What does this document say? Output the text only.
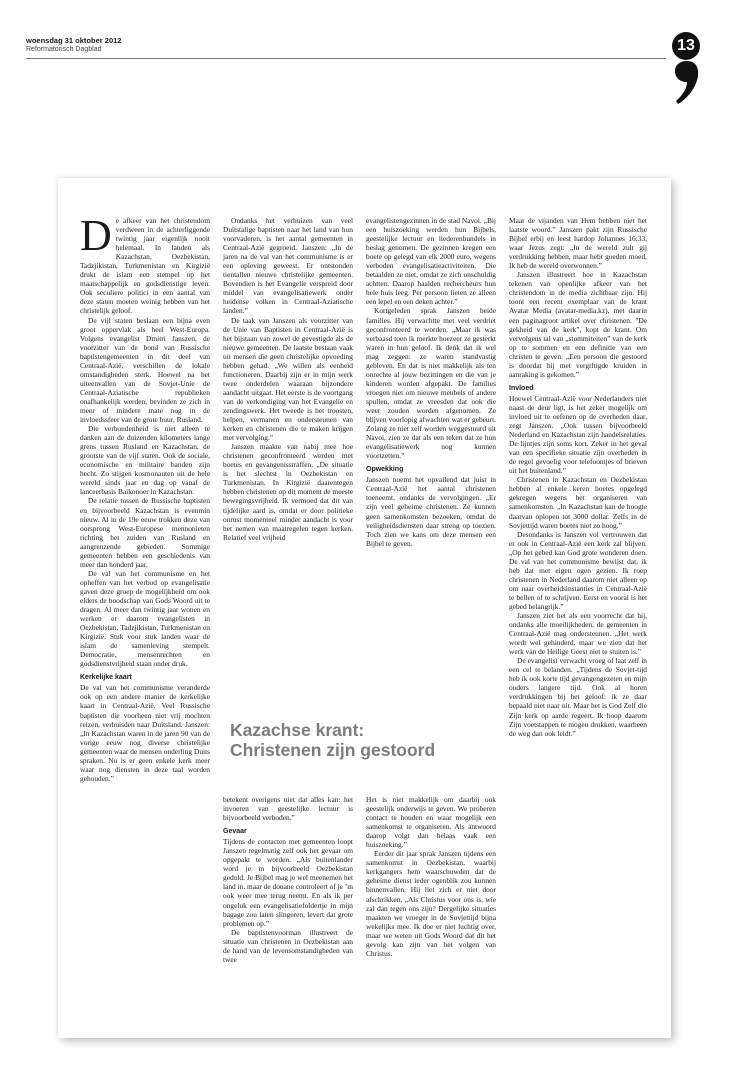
woensdag 31 oktober 2012
Reformatorisch Dagblad	13

De afkeer van het christendom verdween in de achterliggende twintig jaar eigenlijk nooit helemaal. In landen als Kazachstan, Oezbekistan, Tadzjikistan, Turkmenistan en Kirgizië drukt de islam een stempel op het maatschappelijk en godsdienstige leven. Ook seculiere politici in een aantal van deze staten moeten weinig hebben van het christelijk geloof.

De vijf staten beslaan een bijna even groot oppervlak als heel West-Europa. Volgens evangelist Dmitri Janszen, de voorzitter van de bond van Russische baptistengemeenten in dit deel van Centraal-Azië, verschillen de lokale omstandigheden sterk. Hoewel na het uiteenvallen van de Sovjet-Unie de Centraal-Aziatische republieken onafhankelijk werden, bevinden ze zich in meer of mindere mate nog in de invloedssfeer van de grote buur, Rusland.

Die verbondenheid is niet alleen te danken aan de duizenden kilometers lange grens tussen Rusland en Kazachstan, de grootste van de vijf staten. Ook de sociale, economische en militaire banden zijn hecht. Zo stijgen kosmonauten uit de hele wereld sinds jaar en dag op vanaf de lanceerbasis Baikonoer in Kazachstan.

De relatie tussen de Russische baptisten en bijvoorbeeld Kazachstan is evenmin nieuw. Al in de 19e eeuw trokken deze van oorsprong West-Europese mennonieten richting het zuiden van Rusland en aangrenzende gebieden. Sommige gemeenten hebben een geschiedenis van meer dan honderd jaar.

De val van het communisme en het opheffen van het verbod op evangelisatie gaven deze groep de mogelijkheid om ook elders de boodschap van Gods Woord uit te dragen. Al meer dan twintig jaar wonen en werken er daarom evangelisten in Oezbekistan, Tadzjikistan, Turkmenistan en Kirgizië. Stuk voor stuk landen waar de islam de samenleving stempelt. Democratie, mensenrechten en godsdienstvrijheid staan onder druk.

Kerkelijke kaart

De val van het communisme veranderde ook op een andere manier de kerkelijke kaart in Centraal-Azië. Veel Russische baptisten die voorheen niet vrij mochten reizen, verhuisden naar Duitsland. Janszen: „In Kazachstan waren in de jaren 90 van de vorige eeuw nog diverse christelijke gemeenten waar de mensen onderling Duits spraken. Nu is er geen enkele kerk meer waar nog diensten in deze taal worden gehouden.”

Ondanks het verhuizen van veel Duitstalige baptisten naar het land van hun voorvaderen, is het aantal gemeenten in Centraal-Azië gegroeid. Janszen: „In de jaren na de val van het communisme is er een opleving geweest. Er ontstonden tientallen nieuwe christelijke gemeenten. Bovendien is het Evangelie verspreid door middel van evangelisatiewerk onder heidense volken in Centraal-Aziatische landen.”

De taak van Janszen als voorzitter van de Unie van Baptisten in Centraal-Azië is het bijstaan van zowel de gevestigde als de nieuwe gemeenten. De laatste bestaan vaak uit mensen die geen christelijke opvoeding hebben gehad. „We willen als eenheid functioneren. Daarbij zijn er in mijn werk twee onderdelen waaraan bijzondere aandacht uitgaat. Het eerste is de voortgang van de verkondiging van het Evangelie en zendingswerk. Het tweede is het troosten, helpen, vermanen en ondersteunen van kerken en christenen die te maken krijgen met vervolging.”

Janszen maakte van nabij mee hoe christenen geconfronteerd werden met boetes en gevangenisstraffen. „De situatie is het slechtst in Oezbekistan en Turkmenistan. In Kirgizië daarentegen hebben christenen op dit moment de meeste bewegingsvrijheid. Ik vermoed dat dit van tijdelijke aard is, omdat er door politieke onrust momenteel minder aandacht is voor het nemen van maatregelen tegen kerken. Relatief veel vrijheid

evangelistengezinnen in de stad Navoi. „Bij een huiszoeking werden hun Bijbels, geestelijke lectuur en liederenbundels in beslag genomen. De gezinnen kregen een boete op gelegd van elk 2000 euro, wegens verboden evangelisatieactiviteiten. Die betaalden ze niet, omdat ze zich onschuldig achtten. Daarop haalden rechercheurs hun hele huis leeg. Per persoon lieten ze alleen een lepel en een deken achter.”

Kortgeleden sprak Janszen beide families. Hij verwachtte met veel verdriet geconfronteerd te worden. „Maar ik was verbaasd toen ik merkte hoezeer ze gesterkt waren in hun geloof. Ik denk dat ik wel mag zeggen: ze waren standvastig gebleven. En dat is niet makkelijk als ten onrechte al jouw bezittingen en die van je kinderen worden afgepakt. De families vroegen niet om nieuwe meubels of andere spullen, omdat ze vreesden dat ook die weer zouden worden afgenomen. Ze blijven voorlopig afwachten wat er gebeurt. Zolang ze niet zelf worden weggestuurd uit Navoi, zien ze dat als een teken dat ze hun evangelisatiewerk nog kunnen voortzetten.”

Opwekking

Janszen noemt het opvallend dat juist in Centraal-Azië het aantal christenen toeneemt, ondanks de vervolgingen. „Er zijn veel geheime christenen. Ze kunnen geen samenkomsten bezoeken, omdat de veiligheidsdiensten daar streng op toezien. Toch zien we kans om deze mensen een Bijbel te geven.

Kazachse krant:
Christenen zijn gestoord

betekent overigens niet dat alles kan: het invoeren van geestelijke lectuur is bijvoorbeeld verboden.”

Gevaar

Tijdens de contacten met gemeenten loopt Janszen regelmatig zelf ook het gevaar om opgepakt te worden. „Als buitenlander word je in bijvoorbeeld Oezbekistan geduld. Je Bijbel mag je wel meenemen het land in, maar de douane controleert of je ’m ook weer mee terug neemt. En als ik per ongeluk een evangelisatiefoldertje in mijn bagage zou laten slingeren, levert dat grote problemen op.”

De baptistenvoorman illustreert de situatie van christenen in Oezbekistan aan de hand van de levensomstandigheden van twee

Het is niet makkelijk om daarbij ook geestelijk onderwijs te geven. We proberen contact te houden en waar mogelijk een samenkomst te organiseren. Als antwoord daarop volgt dan helaas vaak een huiszoeking.”

Eerder dit jaar sprak Janszen tijdens een samenkomst in Oezbekistan, waarbij kerkgangers hem waarschuwden dat de geheime dienst ieder ogenblik zou kunnen binnenvallen. Hij liet zich er niet door afschrikken. „Als Christus voor ons is, wie zal dan tegen ons zijn? Dergelijke situaties maakten we vroeger in de Sovjettijd bijna wekelijks mee. Ik doe er niet luchtig over, maar we weten uit Gods Woord dat dit het gevolg kan zijn van het volgen van Christus.

Maar de vijanden van Hem hebben niet het laatste woord.” Janszen pakt zijn Russische Bijbel erbij en leest hardop Johannes 16:33, waar Jezus zegt: „In de wereld zult gij verdrukking hebben, maar hebt goeden moed, Ik heb de wereld overwonnen.”

Janszen illustreert hoe in Kazachstan tekenen van openlijke afkeer van het christendom in de media zichtbaar zijn. Hij toont een recent exemplaar van de krant Avatar Media (avatar-media.kz), met daarin een paginagroot artikel over christenen. ”De gekheid van de kerk”, kopt de krant. Om vervolgens tal van „stommiteiten” van de kerk op te sommen en een definitie van een christen te geven: „Een persoon die gestoord is doordat hij met vergiftigde kruiden in aanraking is gekomen.”

Invloed

Hoewel Centraal-Azië voor Nederlanders niet naast de deur ligt, is het zeker mogelijk om invloed uit te oefenen op de overheden daar, zegt Janszen. „Ook tussen bijvoorbeeld Nederland en Kazachstan zijn handelsrelaties. De lijntjes zijn soms kort. Zeker in het geval van een specifieke situatie zijn overheden in de regel gevoelig voor telefoontjes of brieven uit het buitenland.”

Christenen in Kazachstan en Oezbekistan hebben al enkele keren boetes opgelegd gekregen wegens het organiseren van samenkomsten. „In Kazachstan kan de hoogte daarvan oplopen tot 3000 dollar. Zelfs in de Sovjettijd waren boetes niet zo hoog.”

Desondanks is Janszen vol vertrouwen dat er ook in Centraal-Azië een kerk zal blijven. „Op het gebed kan God grote wonderen doen. De val van het communisme bewijst dat, ik heb dat met eigen ogen gezien. Ik roep christenen in Nederland daarom niet alleen op om naar overheidsinstanties in Centraal-Azië te bellen of te schrijven. Eerst en vooral is het gebed belangrijk.”

Janszen ziet het als een voorrecht dat hij, ondanks alle moeilijkheden, de gemeenten in Centraal-Azië mag ondersteunen. „Het werk wordt wel gehinderd, maar we zien dat het werk van de Heilige Geest niet te stuiten is.”

De evangelist verwacht vroeg of laat zelf in een cel te belanden. „Tijdens de Sovjet-tijd heb ik ook korte tijd gevangengezeten en mijn ouders langere tijd. Ook al horen verdrukkingen bij het geloof: ik ze daar bepaald niet naar uit. Maar het is God Zelf die Zijn kerk op aarde regeert. Ik hoop daarom Zijn voetstappen te mogen drukken, waarheen de weg dan ook leidt.”
